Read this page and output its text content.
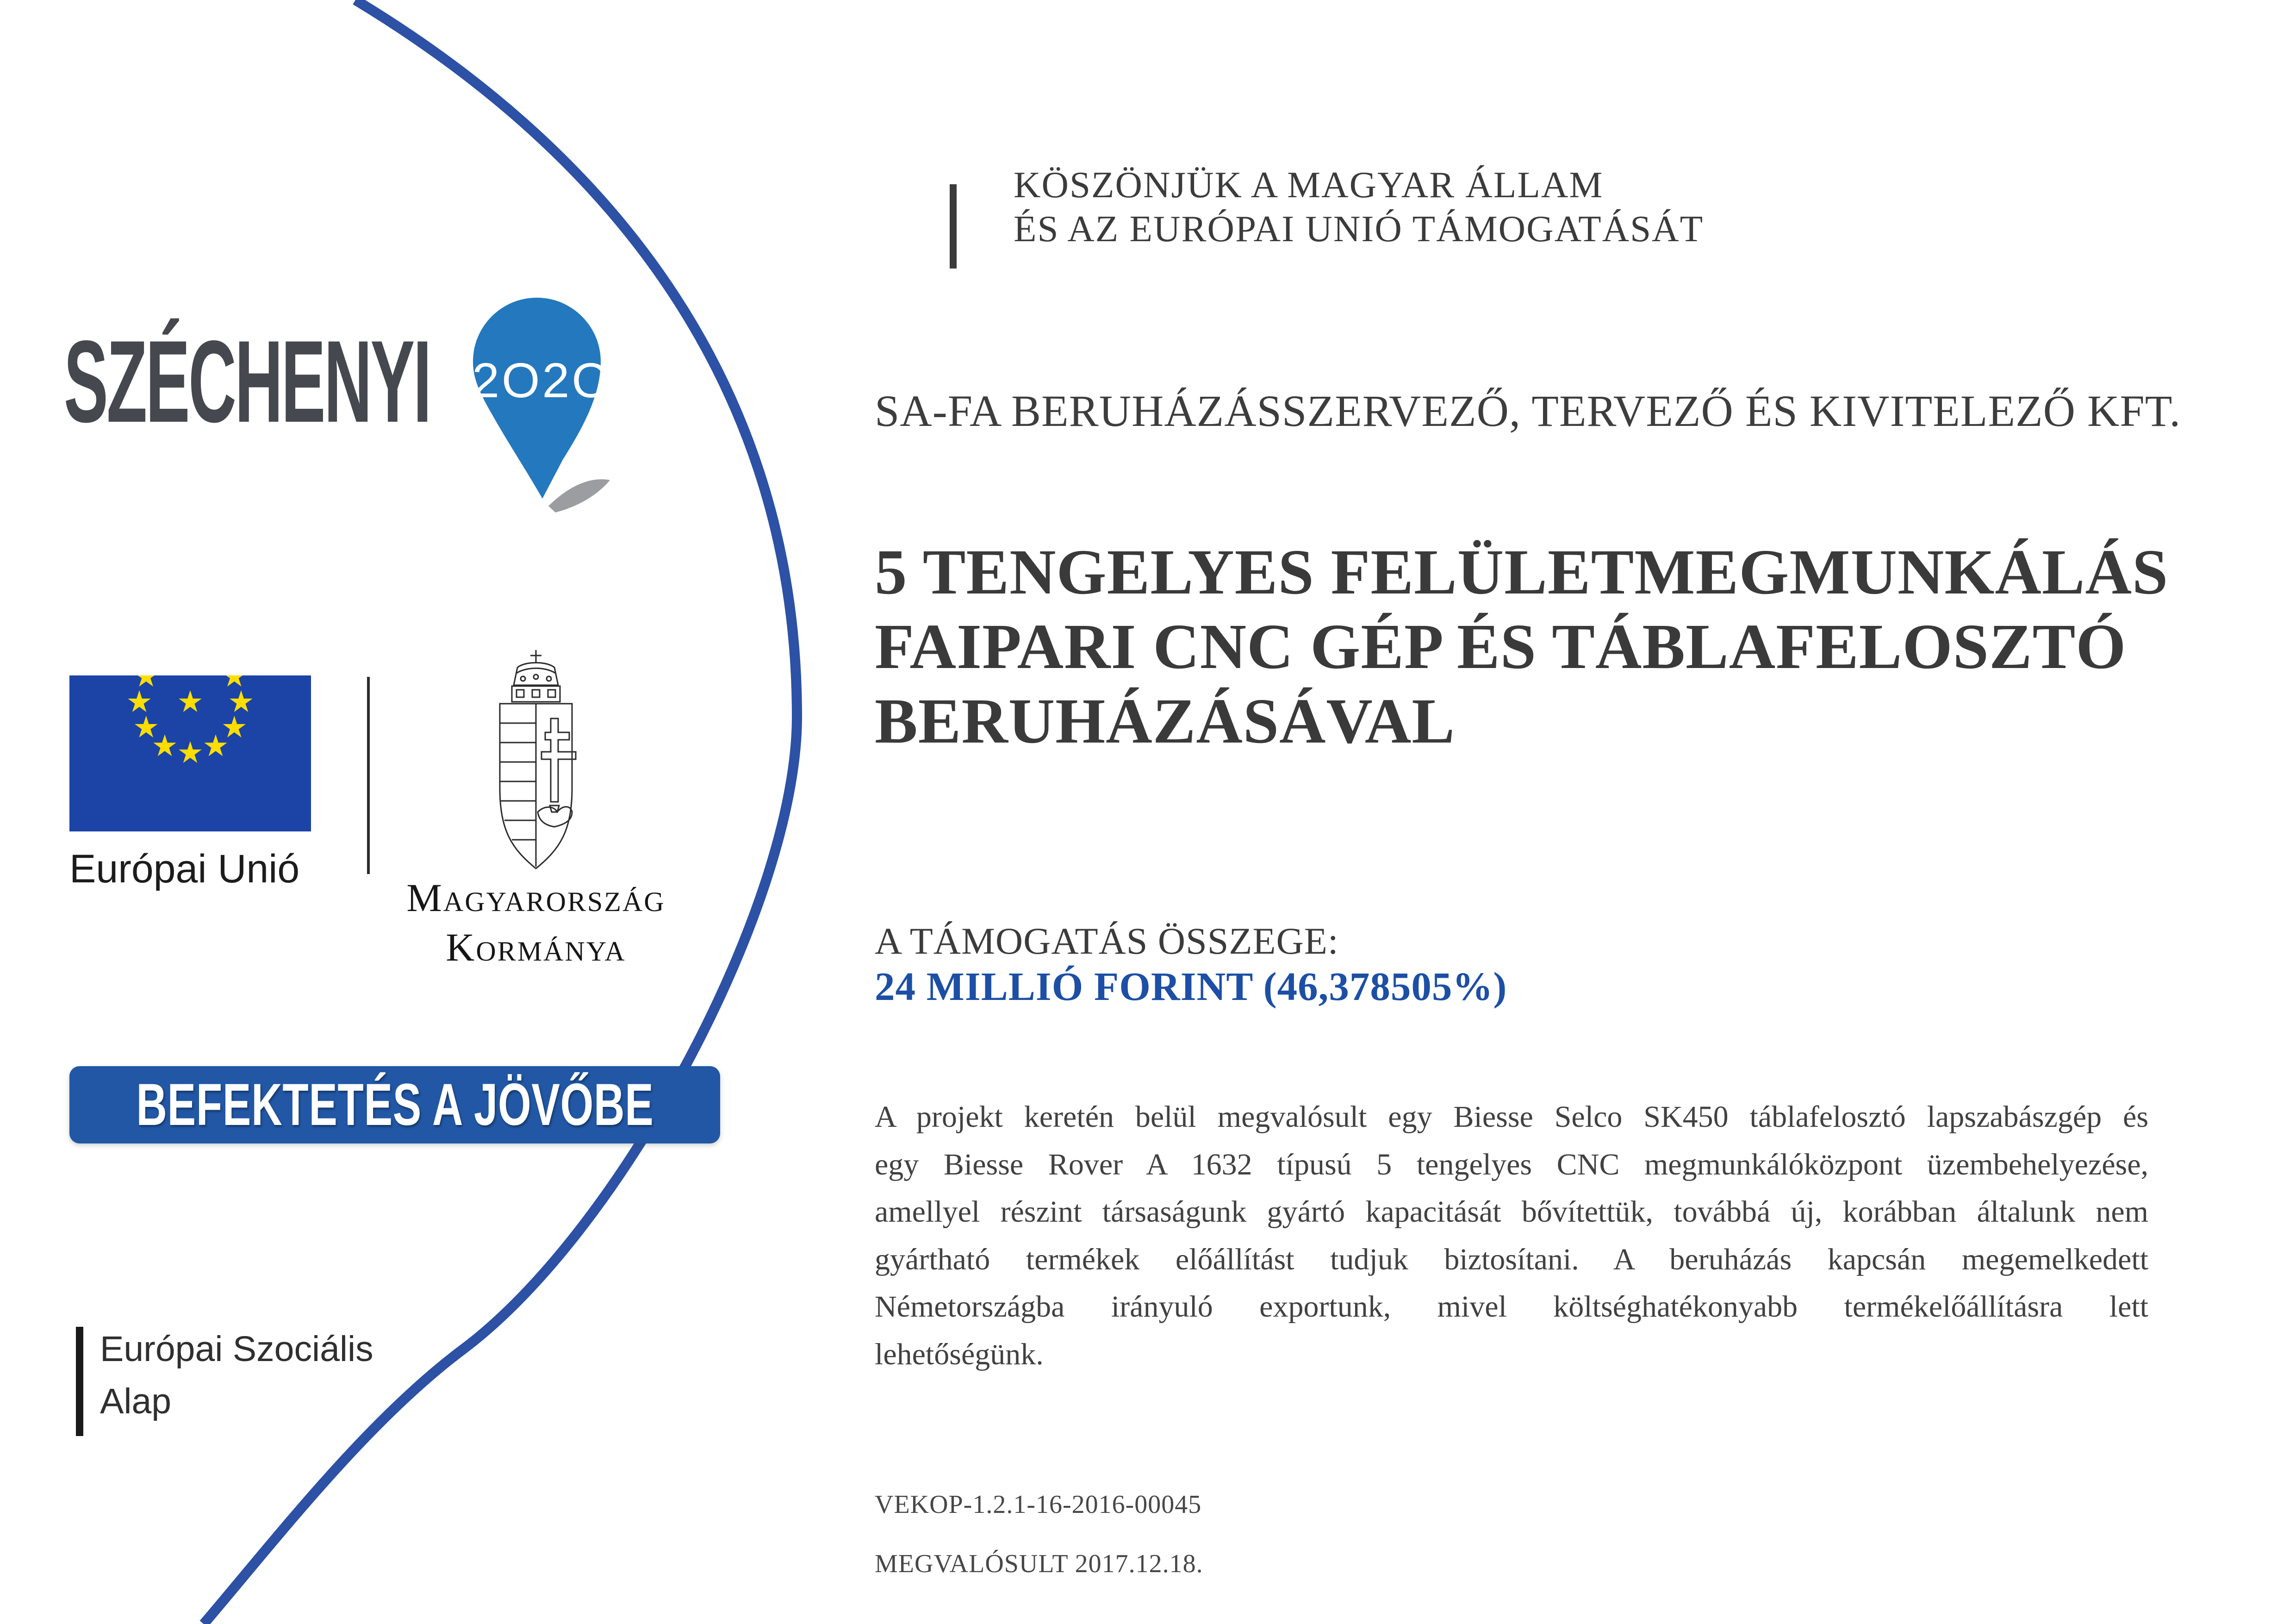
SZÉCHENYI 2O2O
Európai Unió
Magyarország
Kormánya
BEFEKTETÉS A JÖVŐBE
Európai Szociális
Alap
KÖSZÖNJÜK A MAGYAR ÁLLAM
ÉS AZ EURÓPAI UNIÓ TÁMOGATÁSÁT
SA-FA BERUHÁZÁSSZERVEZŐ, TERVEZŐ ÉS KIVITELEZŐ KFT.
5 TENGELYES FELÜLETMEGMUNKÁLÁS
FAIPARI CNC GÉP ÉS TÁBLAFELOSZTÓ
BERUHÁZÁSÁVAL
A TÁMOGATÁS ÖSSZEGE:
24 MILLIÓ FORINT (46,378505%)
A projekt keretén belül megvalósult egy Biesse Selco SK450 táblafelosztó lapszabászgép és
egy Biesse Rover A 1632 típusú 5 tengelyes CNC megmunkálóközpont üzembehelyezése,
amellyel részint társaságunk gyártó kapacitását bővítettük, továbbá új, korábban általunk nem
gyártható termékek előállítást tudjuk biztosítani. A beruházás kapcsán megemelkedett
Németországba irányuló exportunk, mivel költséghatékonyabb termékelőállításra lett
lehetőségünk.
VEKOP-1.2.1-16-2016-00045
MEGVALÓSULT 2017.12.18.
